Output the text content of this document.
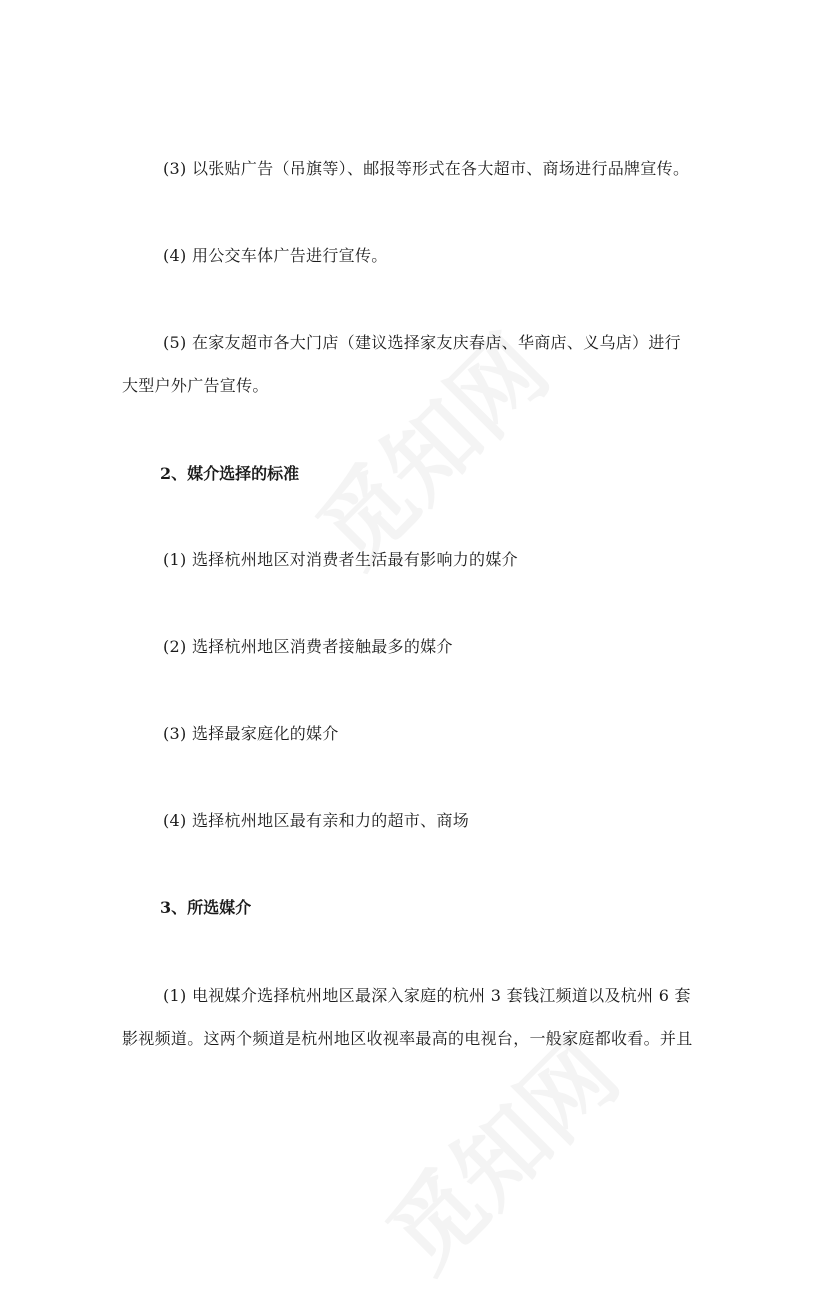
(3) 以张贴广告（吊旗等）、邮报等形式在各大超市、商场进行品牌宣传。
(4) 用公交车体广告进行宣传。
(5) 在家友超市各大门店（建议选择家友庆春店、华商店、义乌店）进行
大型户外广告宣传。
2、媒介选择的标准
(1) 选择杭州地区对消费者生活最有影响力的媒介
(2) 选择杭州地区消费者接触最多的媒介
(3) 选择最家庭化的媒介
(4) 选择杭州地区最有亲和力的超市、商场
3、所选媒介
(1) 电视媒介选择杭州地区最深入家庭的杭州 3 套钱江频道以及杭州 6 套
影视频道。这两个频道是杭州地区收视率最高的电视台，一般家庭都收看。并且
